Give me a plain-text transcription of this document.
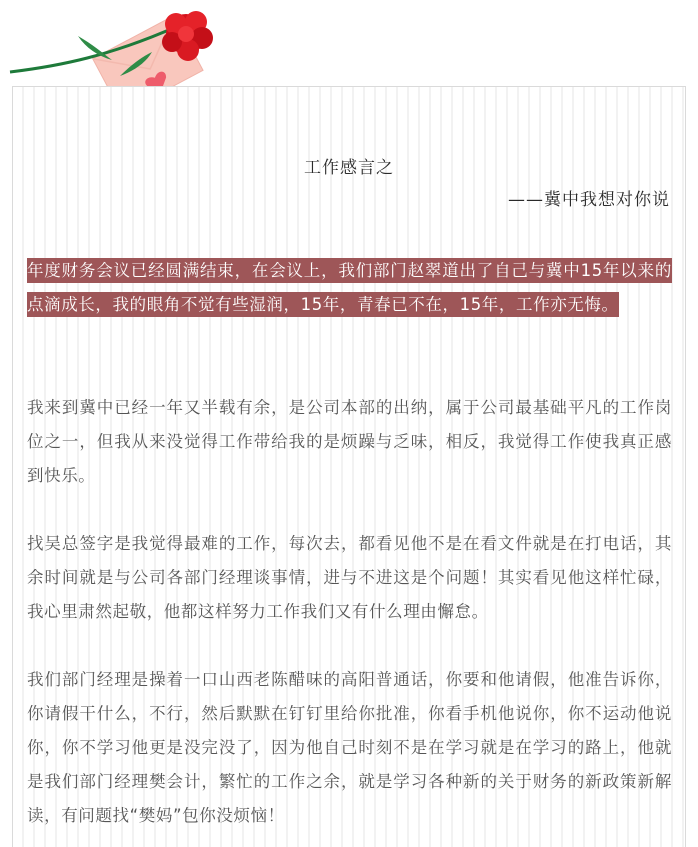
工作感言之
——冀中我想对你说
年度财务会议已经圆满结束，在会议上，我们部门赵翠道出了自己与冀中15年以来的点滴成长，我的眼角不觉有些湿润，15年，青春已不在，15年，工作亦无悔。
我来到冀中已经一年又半载有余，是公司本部的出纳，属于公司最基础平凡的工作岗位之一，但我从来没觉得工作带给我的是烦躁与乏味，相反，我觉得工作使我真正感到快乐。
找吴总签字是我觉得最难的工作，每次去，都看见他不是在看文件就是在打电话，其余时间就是与公司各部门经理谈事情，进与不进这是个问题！其实看见他这样忙碌，我心里肃然起敬，他都这样努力工作我们又有什么理由懈怠。
我们部门经理是操着一口山西老陈醋味的高阳普通话，你要和他请假，他准告诉你，你请假干什么，不行，然后默默在钉钉里给你批准，你看手机他说你，你不运动他说你，你不学习他更是没完没了，因为他自己时刻不是在学习就是在学习的路上，他就是我们部门经理樊会计，繁忙的工作之余，就是学习各种新的关于财务的新政策新解读，有问题找“樊妈”包你没烦恼！
